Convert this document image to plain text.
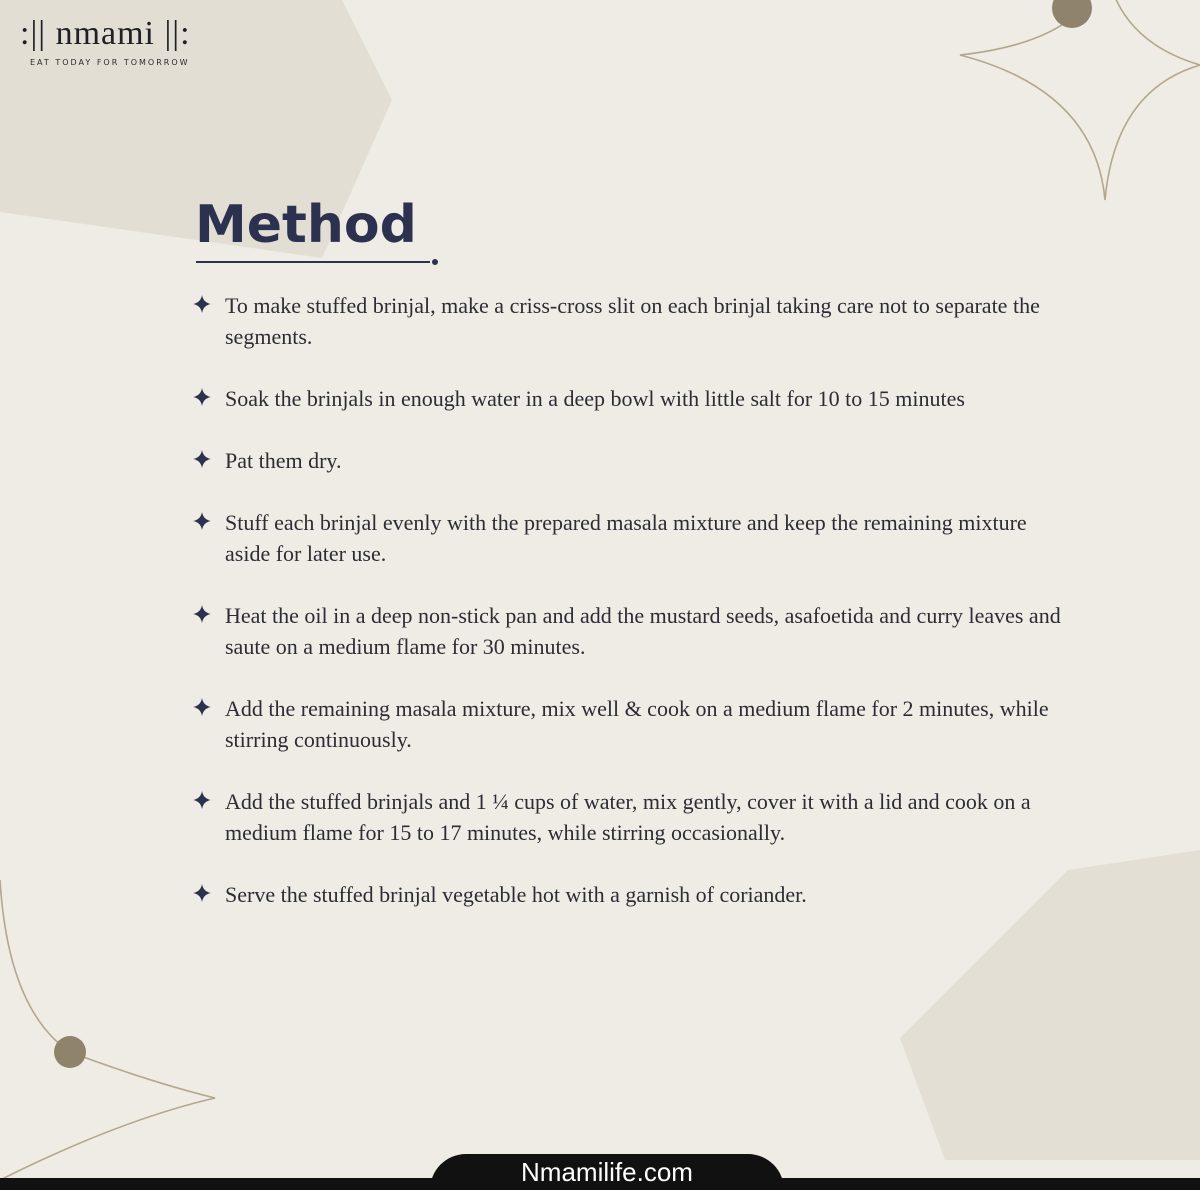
:|| nmami ||:
EAT TODAY FOR TOMORROW
Method
To make stuffed brinjal, make a criss-cross slit on each brinjal taking care not to separate the segments.
Soak the brinjals in enough water in a deep bowl with little salt for 10 to 15 minutes
Pat them dry.
Stuff each brinjal evenly with the prepared masala mixture and keep the remaining mixture aside for later use.
Heat the oil in a deep non-stick pan and add the mustard seeds, asafoetida and curry leaves and saute on a medium flame for 30 minutes.
Add the remaining masala mixture, mix well & cook on a medium flame for 2 minutes, while stirring continuously.
Add the stuffed brinjals and 1 ¼ cups of water, mix gently, cover it with a lid and cook on a medium flame for 15 to 17 minutes, while stirring occasionally.
Serve the stuffed brinjal vegetable hot with a garnish of coriander.
Nmamilife.com
